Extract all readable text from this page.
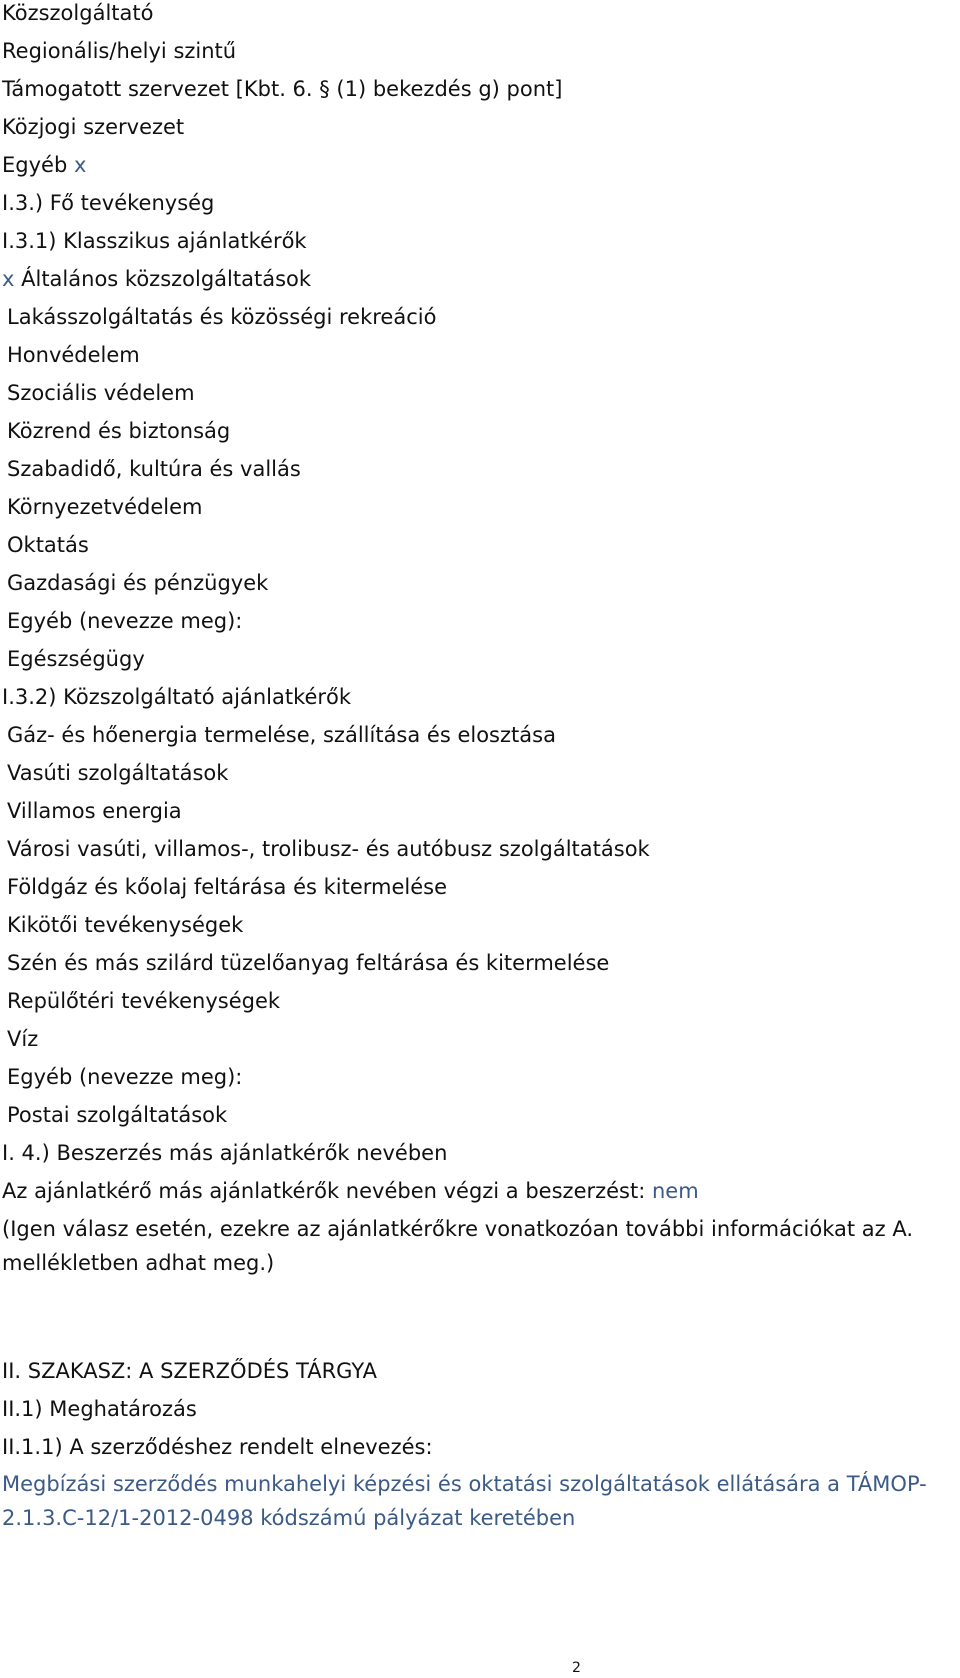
Közszolgáltató
Regionális/helyi szintű
Támogatott szervezet [Kbt. 6. § (1) bekezdés g) pont]
Közjogi szervezet
Egyéb x
I.3.) Fő tevékenység
I.3.1) Klasszikus ajánlatkérők
x Általános közszolgáltatások
Lakásszolgáltatás és közösségi rekreáció
Honvédelem
Szociális védelem
Közrend és biztonság
Szabadidő, kultúra és vallás
Környezetvédelem
Oktatás
Gazdasági és pénzügyek
Egyéb (nevezze meg):
Egészségügy
I.3.2) Közszolgáltató ajánlatkérők
Gáz- és hőenergia termelése, szállítása és elosztása
Vasúti szolgáltatások
Villamos energia
Városi vasúti, villamos-, trolibusz- és autóbusz szolgáltatások
Földgáz és kőolaj feltárása és kitermelése
Kikötői tevékenységek
Szén és más szilárd tüzelőanyag feltárása és kitermelése
Repülőtéri tevékenységek
Víz
Egyéb (nevezze meg):
Postai szolgáltatások
I. 4.) Beszerzés más ajánlatkérők nevében
Az ajánlatkérő más ajánlatkérők nevében végzi a beszerzést: nem
(Igen válasz esetén, ezekre az ajánlatkérőkre vonatkozóan további információkat az A. mellékletben adhat meg.)
II. SZAKASZ: A SZERZŐDÉS TÁRGYA
II.1) Meghatározás
II.1.1) A szerződéshez rendelt elnevezés:
Megbízási szerződés munkahelyi képzési és oktatási szolgáltatások ellátására a TÁMOP-2.1.3.C-12/1-2012-0498 kódszámú pályázat keretében
2
